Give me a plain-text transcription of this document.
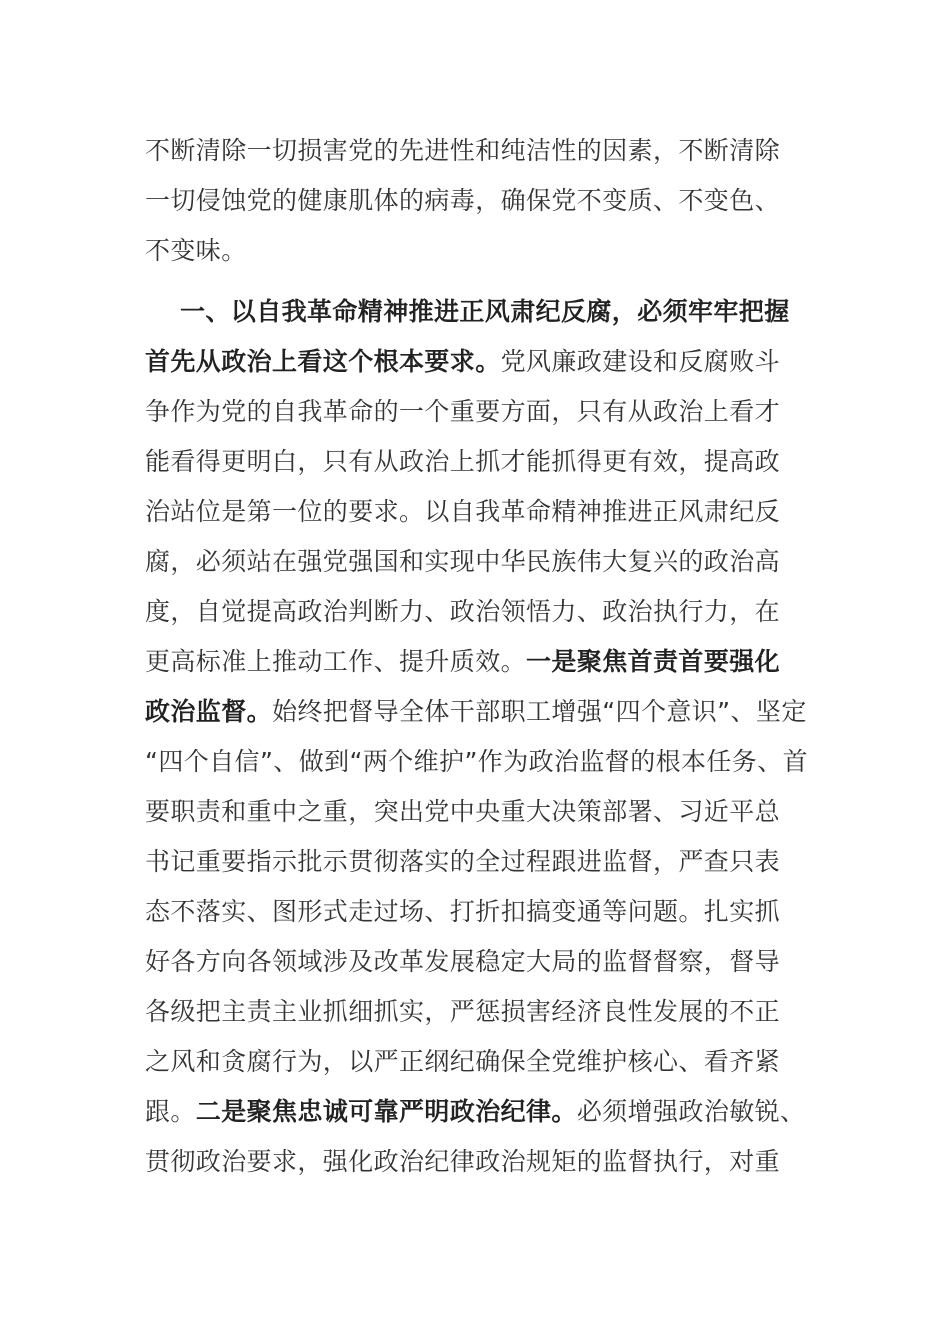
不断清除一切损害党的先进性和纯洁性的因素，不断清除
一切侵蚀党的健康肌体的病毒，确保党不变质、不变色、
不变味。
一、以自我革命精神推进正风肃纪反腐，必须牢牢把握
首先从政治上看这个根本要求。党风廉政建设和反腐败斗
争作为党的自我革命的一个重要方面，只有从政治上看才
能看得更明白，只有从政治上抓才能抓得更有效，提高政
治站位是第一位的要求。以自我革命精神推进正风肃纪反
腐，必须站在强党强国和实现中华民族伟大复兴的政治高
度，自觉提高政治判断力、政治领悟力、政治执行力，在
更高标准上推动工作、提升质效。一是聚焦首责首要强化
政治监督。始终把督导全体干部职工增强“四个意识”、坚定
“四个自信”、做到“两个维护”作为政治监督的根本任务、首
要职责和重中之重，突出党中央重大决策部署、习近平总
书记重要指示批示贯彻落实的全过程跟进监督，严查只表
态不落实、图形式走过场、打折扣搞变通等问题。扎实抓
好各方向各领域涉及改革发展稳定大局的监督督察，督导
各级把主责主业抓细抓实，严惩损害经济良性发展的不正
之风和贪腐行为，以严正纲纪确保全党维护核心、看齐紧
跟。二是聚焦忠诚可靠严明政治纪律。必须增强政治敏锐、
贯彻政治要求，强化政治纪律政治规矩的监督执行，对重
